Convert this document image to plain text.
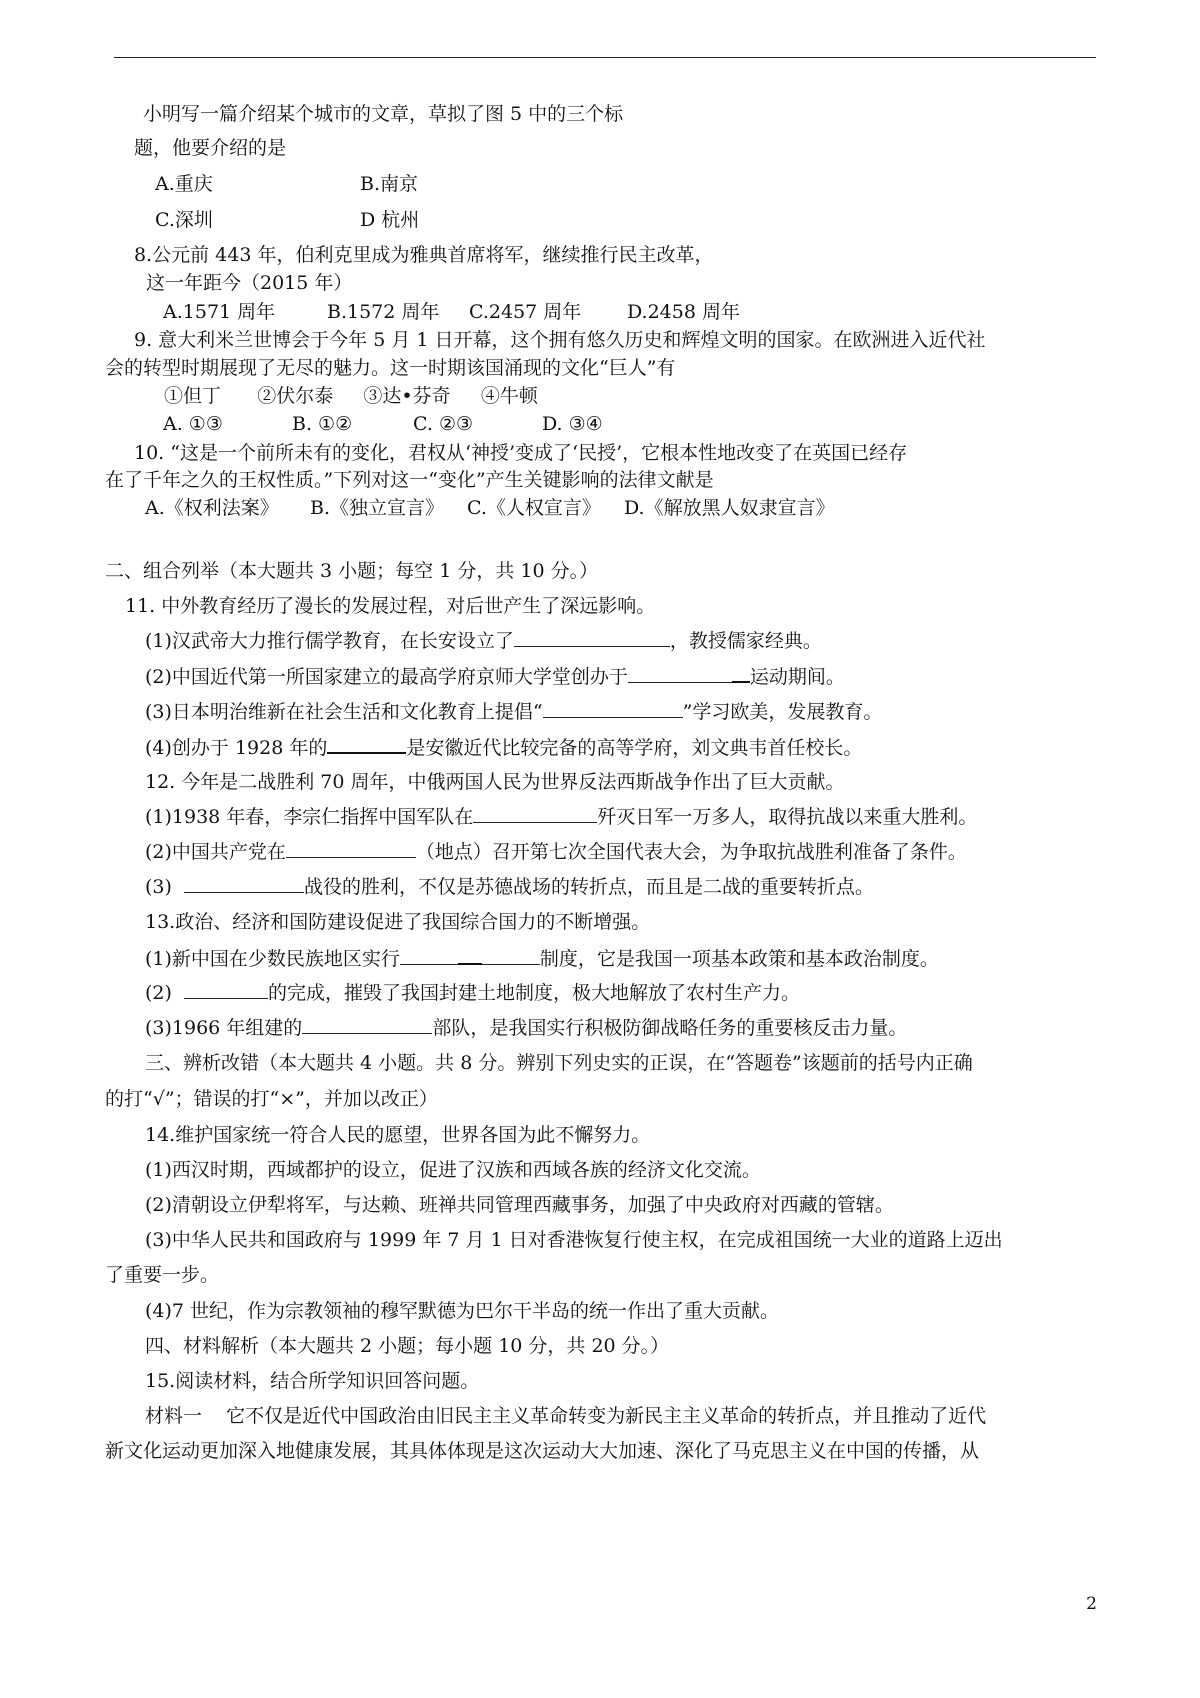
小明写一篇介绍某个城市的文章，草拟了图 5 中的三个标
题，他要介绍的是
A.重庆	B.南京
C.深圳	D 杭州
8.公元前 443 年，伯利克里成为雅典首席将军，继续推行民主改革，
这一年距今（2015 年）
A.1571 周年	B.1572 周年 C.2457 周年 D.2458 周年
9. 意大利米兰世博会于今年 5 月 1 日开幕，这个拥有悠久历史和辉煌文明的国家。在欧洲进入近代社
会的转型时期展现了无尽的魅力。这一时期该国涌现的文化“巨人”有
①但丁      ②伏尔泰     ③达•芬奇     ④牛顿
A. ①③	B. ①②	C. ②③	D. ③④
10. “这是一个前所未有的变化，君权从‘神授’变成了‘民授’，它根本性地改变了在英国已经存
在了千年之久的王权性质。”下列对这一“变化”产生关键影响的法律文献是
A.《权利法案》 B.《独立宣言》 C.《人权宣言》 D.《解放黑人奴隶宣言》
二、组合列举（本大题共 3 小题；每空 1 分，共 10 分。）
11. 中外教育经历了漫长的发展过程，对后世产生了深远影响。
(1)汉武帝大力推行儒学教育，在长安设立了	，教授儒家经典。
(2)中国近代第一所国家建立的最高学府京师大学堂创办于	运动期间。
(3)日本明治维新在社会生活和文化教育上提倡“	”学习欧美，发展教育。
(4)创办于 1928 年的	是安徽近代比较完备的高等学府，刘文典韦首任校长。
12. 今年是二战胜利 70 周年，中俄两国人民为世界反法西斯战争作出了巨大贡献。
(1)1938 年春，李宗仁指挥中国军队在	歼灭日军一万多人，取得抗战以来重大胜利。
(2)中国共产党在	（地点）召开第七次全国代表大会，为争取抗战胜利准备了条件。
(3)	战役的胜利，不仅是苏德战场的转折点，而且是二战的重要转折点。
13.政治、经济和国防建设促进了我国综合国力的不断增强。
(1)新中国在少数民族地区实行	制度，它是我国一项基本政策和基本政治制度。
(2)	的完成，摧毁了我国封建土地制度，极大地解放了农村生产力。
(3)1966 年组建的	部队，是我国实行积极防御战略任务的重要核反击力量。
三、辨析改错（本大题共 4 小题。共 8 分。辨别下列史实的正误，在“答题卷”该题前的括号内正确
的打“√”；错误的打“×”，并加以改正）
14.维护国家统一符合人民的愿望，世界各国为此不懈努力。
(1)西汉时期，西域都护的设立，促进了汉族和西域各族的经济文化交流。
(2)清朝设立伊犁将军，与达赖、班禅共同管理西藏事务，加强了中央政府对西藏的管辖。
(3)中华人民共和国政府与 1999 年 7 月 1 日对香港恢复行使主权，在完成祖国统一大业的道路上迈出
了重要一步。
(4)7 世纪，作为宗教领袖的穆罕默德为巴尔干半岛的统一作出了重大贡献。
四、材料解析（本大题共 2 小题；每小题 10 分，共 20 分。）
15.阅读材料，结合所学知识回答问题。
材料一    它不仅是近代中国政治由旧民主主义革命转变为新民主主义革命的转折点，并且推动了近代
新文化运动更加深入地健康发展，其具体体现是这次运动大大加速、深化了马克思主义在中国的传播，从
2
